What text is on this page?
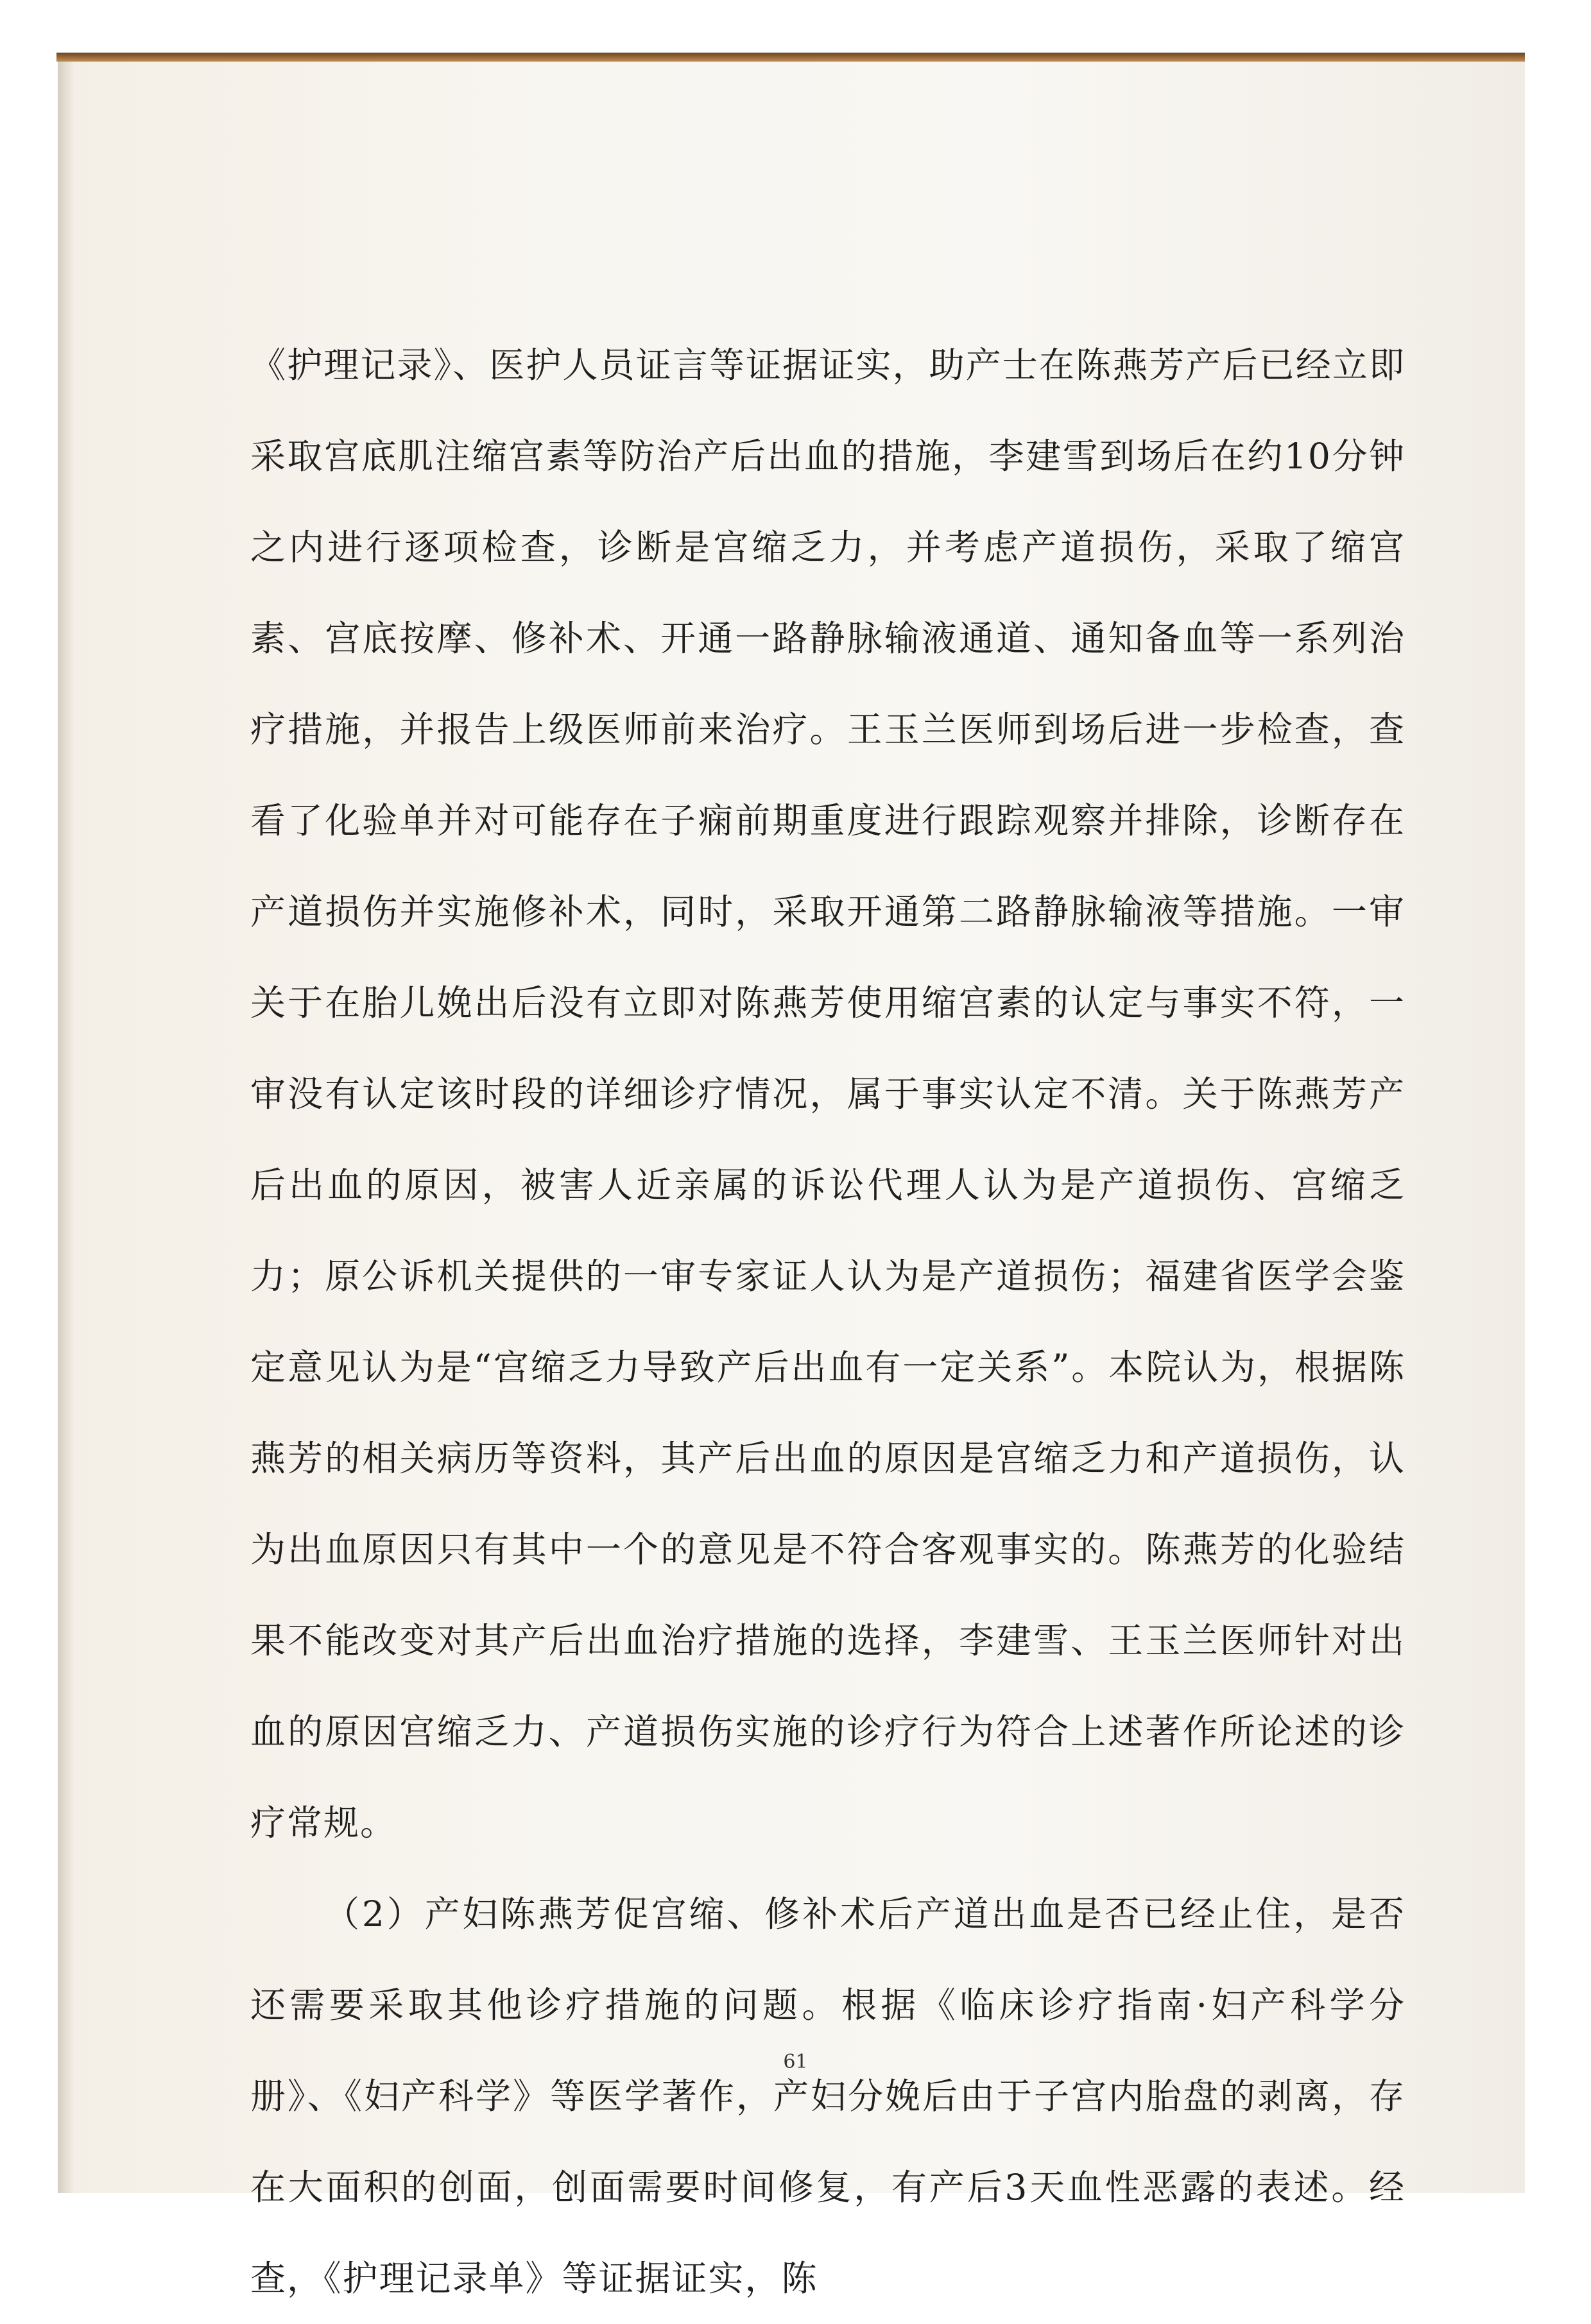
《护理记录》、医护人员证言等证据证实，助产士在陈燕芳产后已经立即采取宫底肌注缩宫素等防治产后出血的措施，李建雪到场后在约10分钟之内进行逐项检查，诊断是宫缩乏力，并考虑产道损伤，采取了缩宫素、宫底按摩、修补术、开通一路静脉输液通道、通知备血等一系列治疗措施，并报告上级医师前来治疗。王玉兰医师到场后进一步检查，查看了化验单并对可能存在子痫前期重度进行跟踪观察并排除，诊断存在产道损伤并实施修补术，同时，采取开通第二路静脉输液等措施。一审关于在胎儿娩出后没有立即对陈燕芳使用缩宫素的认定与事实不符，一审没有认定该时段的详细诊疗情况，属于事实认定不清。关于陈燕芳产后出血的原因，被害人近亲属的诉讼代理人认为是产道损伤、宫缩乏力；原公诉机关提供的一审专家证人认为是产道损伤；福建省医学会鉴定意见认为是“宫缩乏力导致产后出血有一定关系”。本院认为，根据陈燕芳的相关病历等资料，其产后出血的原因是宫缩乏力和产道损伤，认为出血原因只有其中一个的意见是不符合客观事实的。陈燕芳的化验结果不能改变对其产后出血治疗措施的选择，李建雪、王玉兰医师针对出血的原因宫缩乏力、产道损伤实施的诊疗行为符合上述著作所论述的诊疗常规。

（2）产妇陈燕芳促宫缩、修补术后产道出血是否已经止住，是否还需要采取其他诊疗措施的问题。根据《临床诊疗指南·妇产科学分册》、《妇产科学》等医学著作，产妇分娩后由于子宫内胎盘的剥离，存在大面积的创面，创面需要时间修复，有产后3天血性恶露的表述。经查，《护理记录单》等证据证实，陈

61
